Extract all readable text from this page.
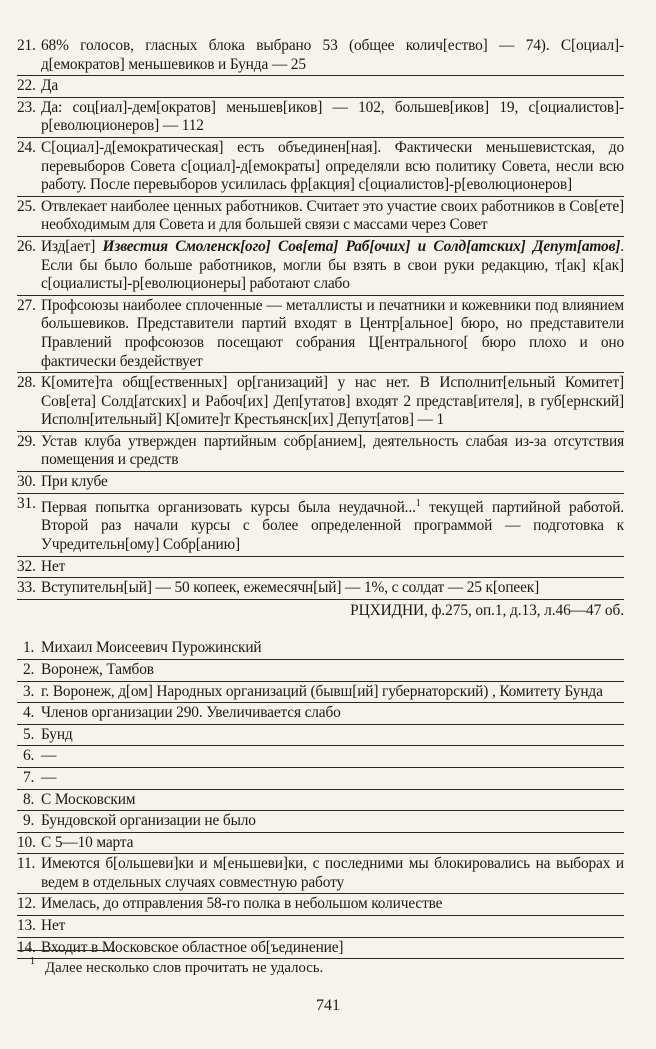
21. 68% голосов, гласных блока выбрано 53 (общее колич[ество] — 74). С[оциал]-д[емократов] меньшевиков и Бунда — 25
22. Да
23. Да: соц[иал]-дем[ократов] меньшев[иков] — 102, большев[иков] 19, с[оциалистов]-р[еволюционеров] — 112
24. С[оциал]-д[емократическая] есть объединен[ная]. Фактически меньшевистская, до перевыборов Совета с[оциал]-д[емократы] определяли всю политику Совета, несли всю работу. После перевыборов усилилась фр[акция] с[оциалистов]-р[еволюционеров]
25. Отвлекает наиболее ценных работников. Считает это участие своих работников в Сов[ете] необходимым для Совета и для большей связи с массами через Совет
26. Изд[ает] Известия Смоленск[ого] Сов[ета] Раб[очих] и Солд[атских] Депут[атов]. Если бы было больше работников, могли бы взять в свои руки редакцию, т[ак] к[ак] с[оциалисты]-р[еволюционеры] работают слабо
27. Профсоюзы наиболее сплоченные — металлисты и печатники и кожевники под влиянием большевиков. Представители партий входят в Центр[альное] бюро, но представители Правлений профсоюзов посещают собрания Ц[ентрального[ бюро плохо и оно фактически бездействует
28. К[омите]та общ[ественных] ор[ганизаций] у нас нет. В Исполнит[ельный Комитет] Сов[ета] Солд[атских] и Рабоч[их] Деп[утатов] входят 2 представ[ителя], в губ[ернский] Исполн[ительный] К[омите]т Крестьянск[их] Депут[атов] — 1
29. Устав клуба утвержден партийным собр[анием], деятельность слабая из-за отсутствия помещения и средств
30. При клубе
31. Первая попытка организовать курсы была неудачной...$^1$ текущей партийной работой. Второй раз начали курсы с более определенной программой — подготовка к Учредительн[ому] Собр[анию]
32. Нет
33. Вступительн[ый] — 50 копеек, ежемесячн[ый] — 1%, с солдат — 25 к[опеек]
РЦХИДНИ, ф.275, оп.1, д.13, л.46—47 об.
1. Михаил Моисеевич Пурожинский
2. Воронеж, Тамбов
3. г. Воронеж, д[ом] Народных организаций (бывш[ий] губернаторский) , Комитету Бунда
4. Членов организации 290. Увеличивается слабо
5. Бунд
6. —
7. —
8. С Московским
9. Бундовской организации не было
10. С 5—10 марта
11. Имеются б[ольшеви]ки и м[еньшеви]ки, с последними мы блокировались на выборах и ведем в отдельных случаях совместную работу
12. Имелась, до отправления 58-го полка в небольшом количестве
13. Нет
14. Входит в Московское областное об[ъединение]
$^1$ Далее несколько слов прочитать не удалось.
741
